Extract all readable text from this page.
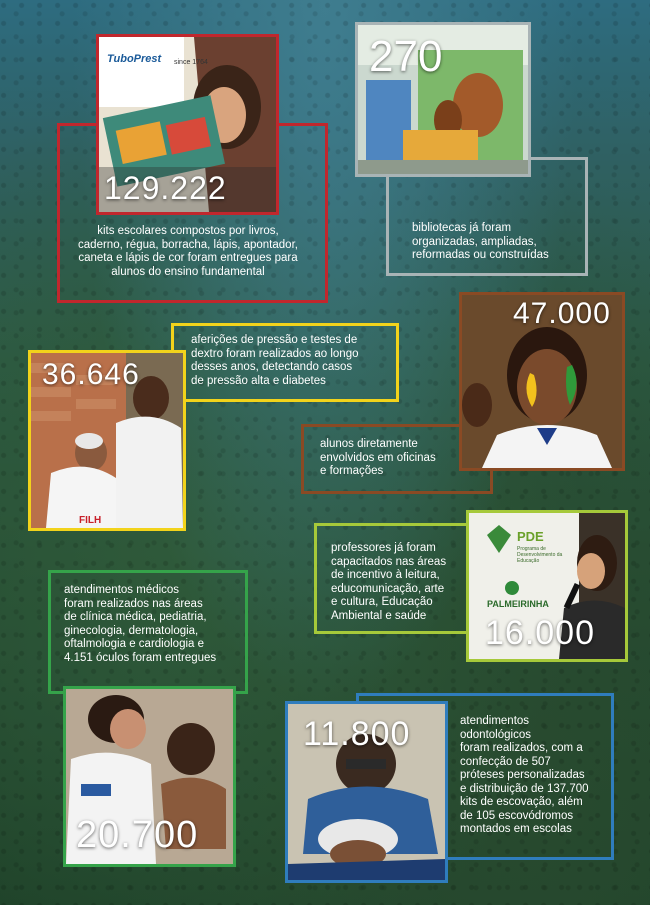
TuboPrest since 1764
129.222
kits escolares compostos por livros,
caderno, régua, borracha, lápis, apontador,
caneta e lápis de cor foram entregues para
alunos do ensino fundamental
270
bibliotecas já foram
organizadas, ampliadas,
reformadas ou construídas
FILH
36.646
aferições de pressão e testes de
dextro foram realizados ao longo
desses anos, detectando casos
de pressão alta e diabetes
47.000
alunos diretamente
envolvidos em oficinas
e formações
PDE
Programa de Desenvolvimento da Educação
PALMEIRINHA
16.000
professores já foram
capacitados nas áreas
de incentivo à leitura,
educomunicação, arte
e cultura, Educação
Ambiental e saúde
20.700
atendimentos médicos
foram realizados nas áreas
de clínica médica, pediatria,
ginecologia, dermatologia,
oftalmologia e cardiologia e
4.151 óculos foram entregues
11.800	atendimentos
odontológicos
foram realizados, com a
confecção de 507
próteses personalizadas
e distribuição de 137.700
kits de escovação, além
de 105 escovódromos
montados em escolas
